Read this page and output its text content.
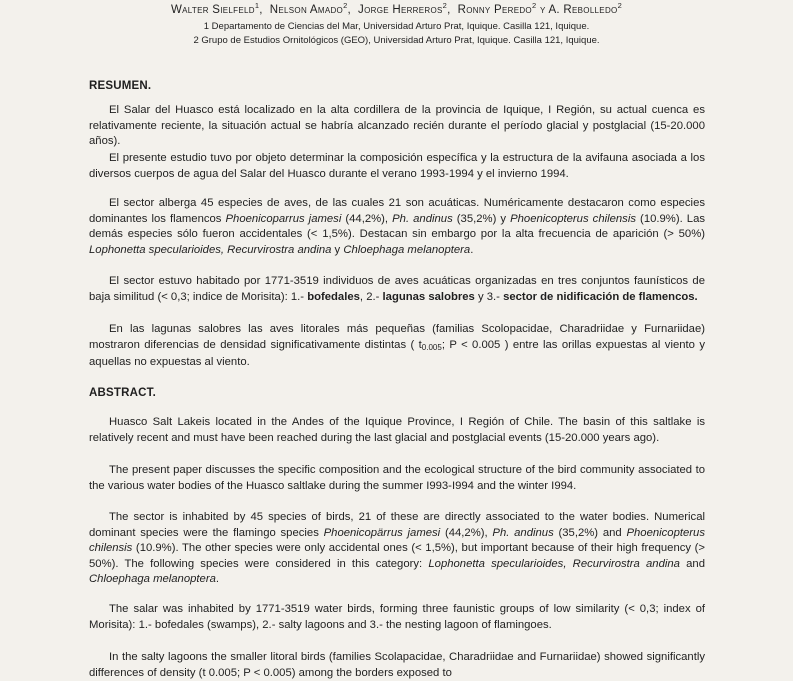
Walter Sielfeld$^1$,  Nelson Amado$^2$,  Jorge Herreros$^2$,  Ronny Peredo$^2$ y A. Rebolledo$^2$
1 Departamento de Ciencias del Mar, Universidad Arturo Prat, Iquique. Casilla 121, Iquique.
2 Grupo de Estudios Ornitológicos (GEO), Universidad Arturo Prat, Iquique. Casilla 121, Iquique.
RESUMEN.

El Salar del Huasco está localizado en la alta cordillera de la provincia de Iquique, I Región, su actual cuenca es relativamente reciente, la situación actual se habría alcanzado recién durante el período glacial y postglacial (15-20.000 años).

El presente estudio tuvo por objeto determinar la composición específica y la estructura de la avifauna asociada a los diversos cuerpos de agua del Salar del Huasco durante el verano 1993-1994 y el invierno 1994.

El sector alberga 45 especies de aves, de las cuales 21 son acuáticas. Numéricamente destacaron como especies dominantes los flamencos Phoenicoparrus jamesi (44,2%), Ph. andinus (35,2%) y Phoenicopterus chilensis (10.9%). Las demás especies sólo fueron accidentales (< 1,5%). Destacan sin embargo por la alta frecuencia de aparición (> 50%) Lophonetta specularioides, Recurvirostra andina y Chloephaga melanoptera.

El sector estuvo habitado por 1771-3519 individuos de aves acuáticas organizadas en tres conjuntos faunísticos de baja similitud (< 0,3; indice de Morisita): 1.- bofedales, 2.- lagunas salobres y 3.- sector de nidificación de flamencos.

En las lagunas salobres las aves litorales más pequeñas (familias Scolopacidae, Charadriidae y Furnariidae) mostraron diferencias de densidad significativamente distintas ( $t_{0.005}$; P < 0.005 ) entre las orillas expuestas al viento y aquellas no expuestas al viento.

ABSTRACT.

Huasco Salt Lakeis located in the Andes of the Iquique Province, I Región of Chile. The basin of this saltlake is relatively recent and must have been reached during the last glacial and postglacial events (15-20.000 years ago).

The present paper discusses the specific composition and the ecological structure of the bird community associated to the various water bodies of the Huasco saltlake during the summer I993-I994 and the winter I994.

The sector is inhabited by 45 species of birds, 21 of these are directly associated to the water bodies. Numerical dominant species were the flamingo species Phoenicopärrus jamesi (44,2%), Ph. andinus (35,2%) and Phoenicopterus chilensis (10.9%). The other species were only accidental ones (< 1,5%), but important because of their high frequency (> 50%). The following species were considered in this category: Lophonetta specularioides, Recurvirostra andina and Chloephaga melanoptera.

The salar was inhabited by 1771-3519 water birds, forming three faunistic groups of low similarity (< 0,3; index of Morisita): 1.- bofedales (swamps), 2.- salty lagoons and 3.- the nesting lagoon of flamingoes.

In the salty lagoons the smaller litoral birds (families Scolapacidae, Charadriidae and Furnariidae) showed significantly differences of density (t 0.005; P < 0.005) among the borders exposed to
